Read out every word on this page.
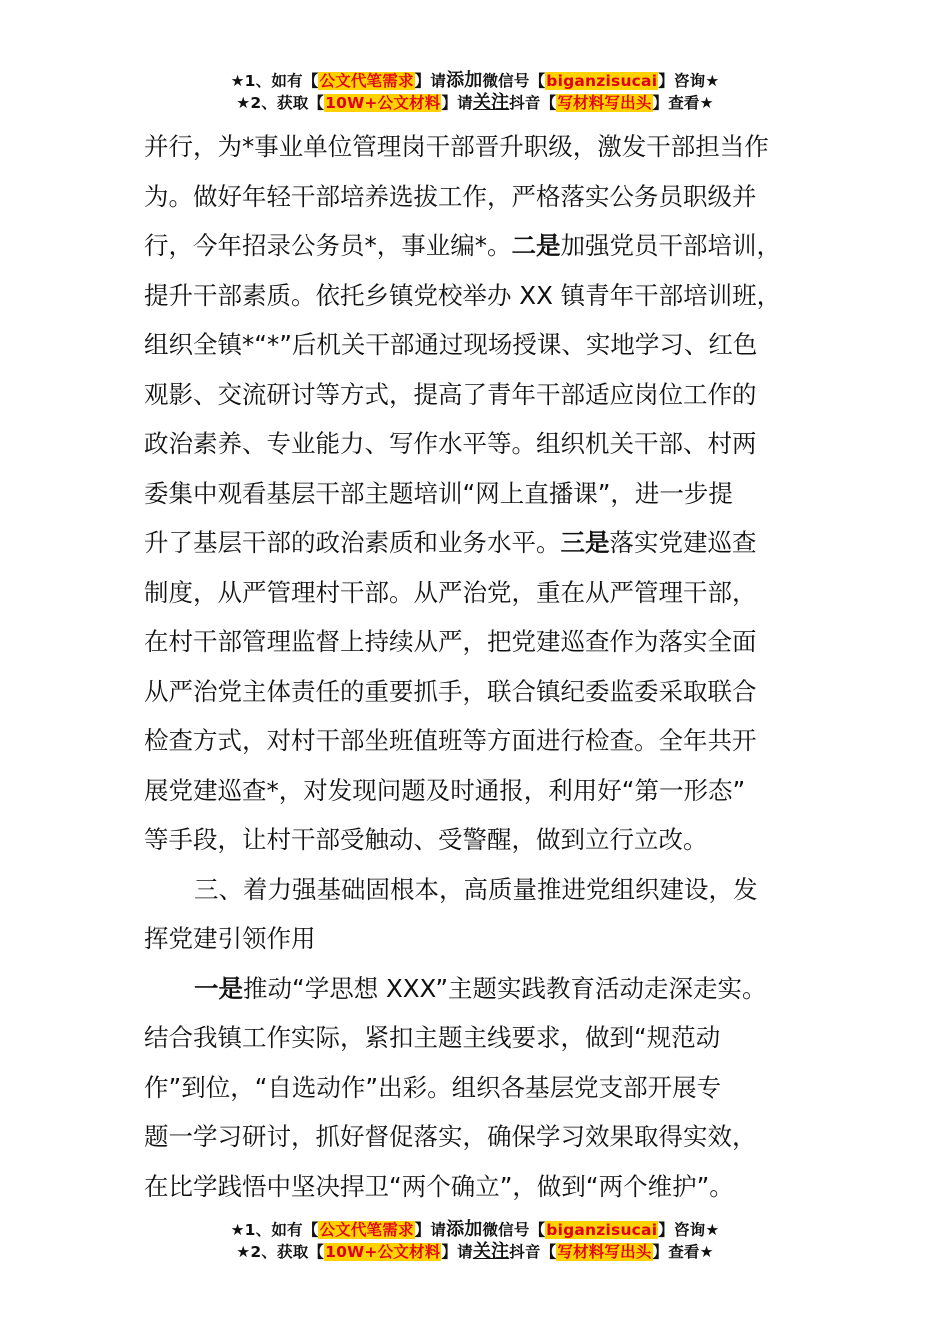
★1、如有【公文代笔需求】请添加微信号【biganzisucai】咨询★
★2、获取【10W+公文材料】请关注抖音【写材料写出头】查看★

并行，为*事业单位管理岗干部晋升职级，激发干部担当作

为。做好年轻干部培养选拔工作，严格落实公务员职级并

行，今年招录公务员*，事业编*。二是加强党员干部培训，

提升干部素质。依托乡镇党校举办 XX 镇青年干部培训班，

组织全镇*“*”后机关干部通过现场授课、实地学习、红色

观影、交流研讨等方式，提高了青年干部适应岗位工作的

政治素养、专业能力、写作水平等。组织机关干部、村两

委集中观看基层干部主题培训“网上直播课”，进一步提

升了基层干部的政治素质和业务水平。三是落实党建巡查

制度，从严管理村干部。从严治党，重在从严管理干部，

在村干部管理监督上持续从严，把党建巡查作为落实全面

从严治党主体责任的重要抓手，联合镇纪委监委采取联合

检查方式，对村干部坐班值班等方面进行检查。全年共开

展党建巡查*，对发现问题及时通报，利用好“第一形态”

等手段，让村干部受触动、受警醒，做到立行立改。

三、着力强基础固根本，高质量推进党组织建设，发

挥党建引领作用

一是推动“学思想 XXX”主题实践教育活动走深走实。

结合我镇工作实际，紧扣主题主线要求，做到“规范动

作”到位，“自选动作”出彩。组织各基层党支部开展专

题一学习研讨，抓好督促落实，确保学习效果取得实效，

在比学践悟中坚决捍卫“两个确立”，做到“两个维护”。

★1、如有【公文代笔需求】请添加微信号【biganzisucai】咨询★
★2、获取【10W+公文材料】请关注抖音【写材料写出头】查看★
